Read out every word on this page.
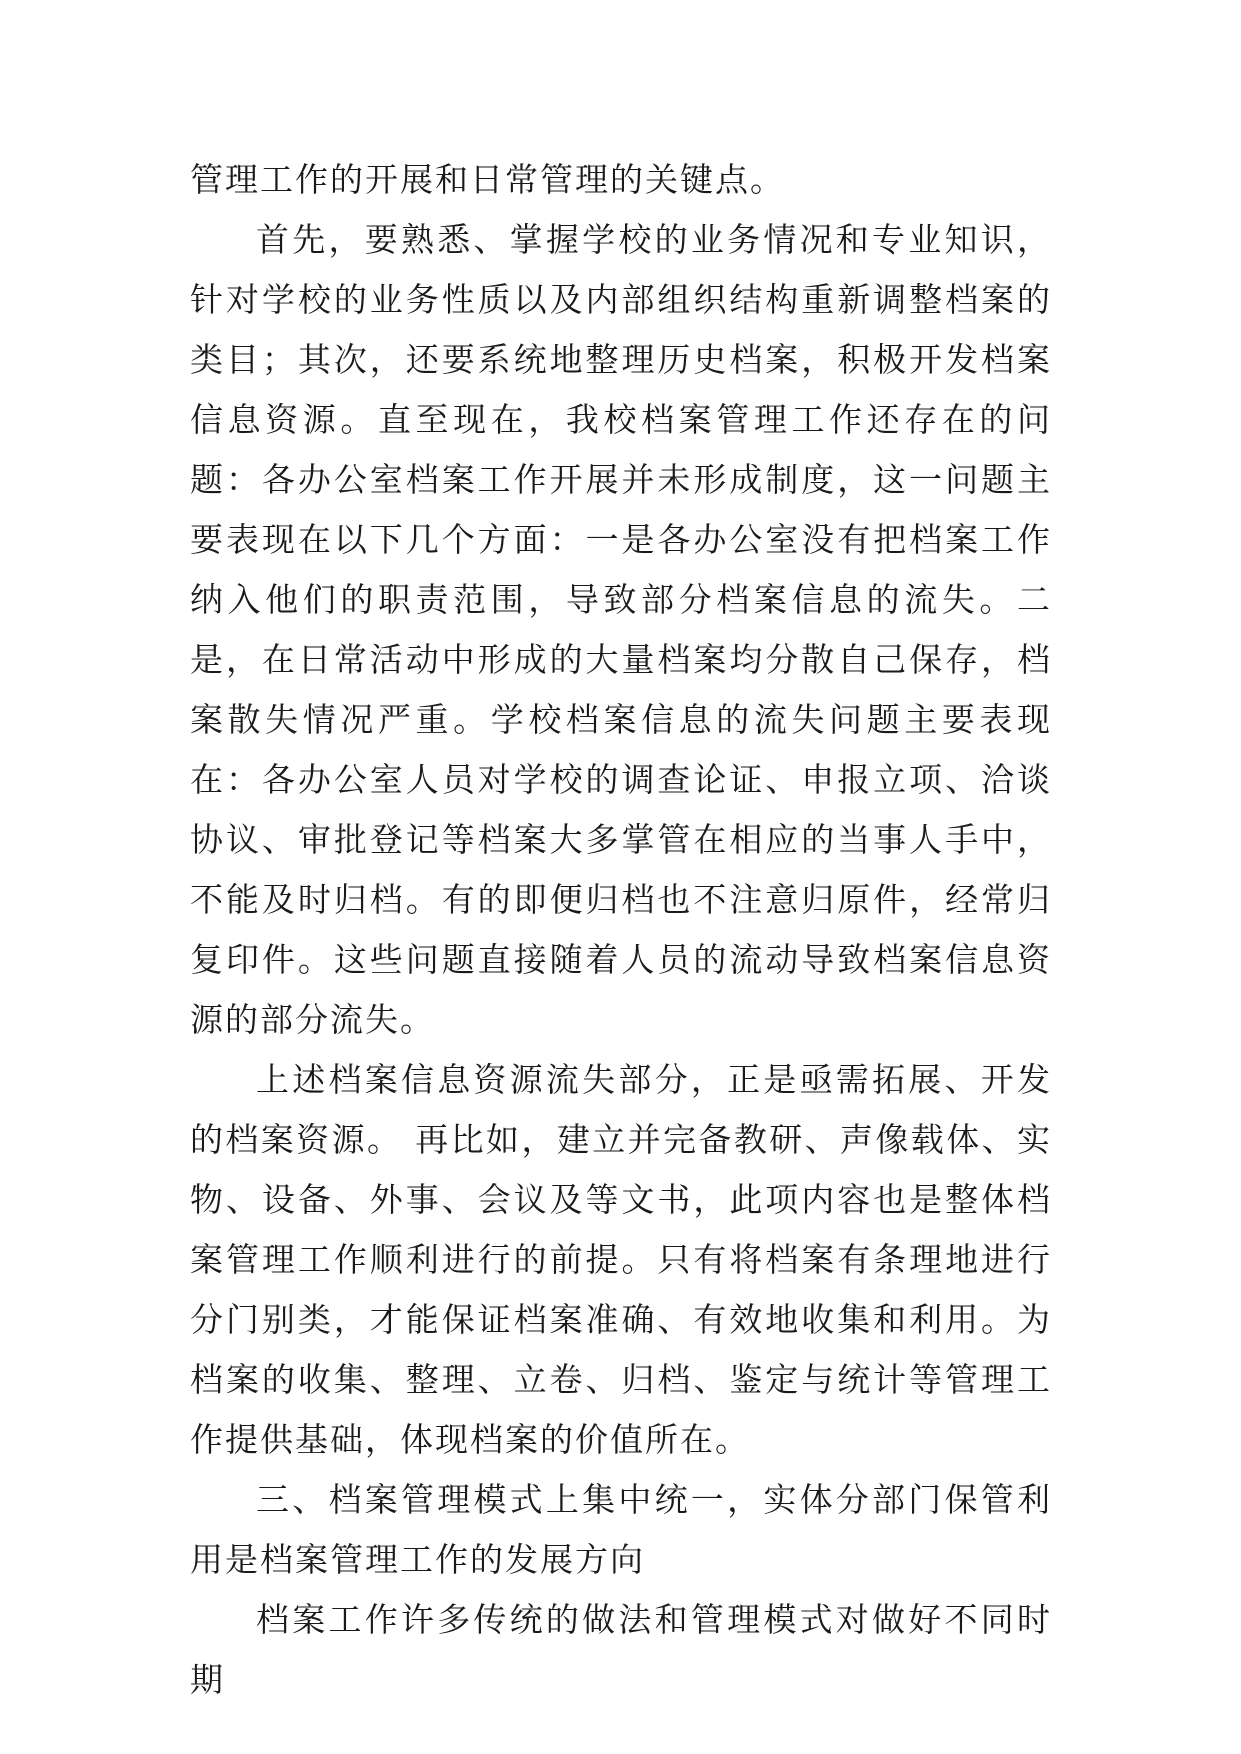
管理工作的开展和日常管理的关键点。

首先，要熟悉、掌握学校的业务情况和专业知识，针对学校的业务性质以及内部组织结构重新调整档案的类目；其次，还要系统地整理历史档案，积极开发档案信息资源。直至现在，我校档案管理工作还存在的问题：各办公室档案工作开展并未形成制度，这一问题主要表现在以下几个方面：一是各办公室没有把档案工作纳入他们的职责范围，导致部分档案信息的流失。二是，在日常活动中形成的大量档案均分散自己保存，档案散失情况严重。学校档案信息的流失问题主要表现在：各办公室人员对学校的调查论证、申报立项、洽谈协议、审批登记等档案大多掌管在相应的当事人手中，不能及时归档。有的即便归档也不注意归原件，经常归复印件。这些问题直接随着人员的流动导致档案信息资源的部分流失。

上述档案信息资源流失部分，正是亟需拓展、开发的档案资源。 再比如，建立并完备教研、声像载体、实物、设备、外事、会议及等文书，此项内容也是整体档案管理工作顺利进行的前提。只有将档案有条理地进行分门别类，才能保证档案准确、有效地收集和利用。为档案的收集、整理、立卷、归档、鉴定与统计等管理工作提供基础，体现档案的价值所在。

三、档案管理模式上集中统一，实体分部门保管利用是档案管理工作的发展方向

档案工作许多传统的做法和管理模式对做好不同时期
